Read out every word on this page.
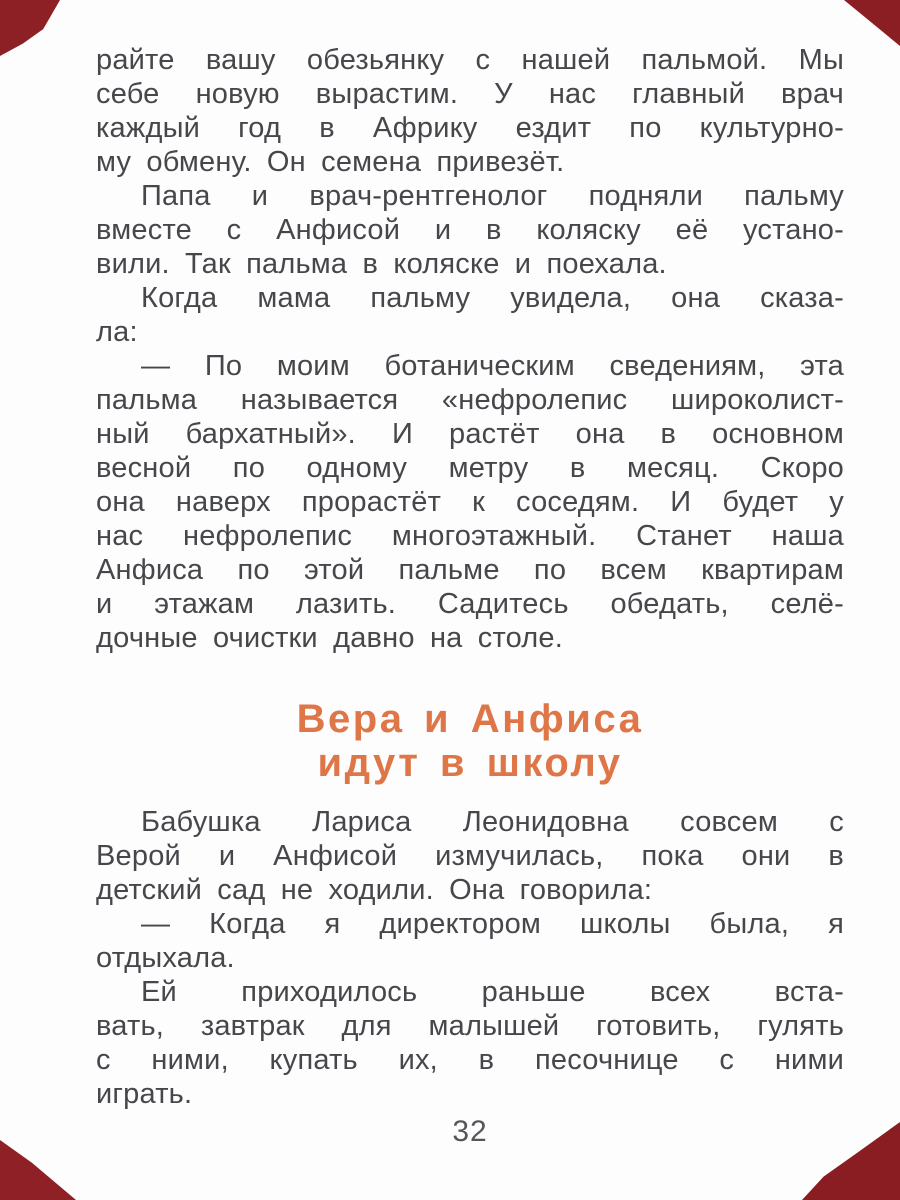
райте вашу обезьянку с нашей пальмой. Мы
себе новую вырастим. У нас главный врач
каждый год в Африку ездит по культурно-
му обмену. Он семена привезёт.
Папа и врач-рентгенолог подняли пальму
вместе с Анфисой и в коляску её устано-
вили. Так пальма в коляске и поехала.
Когда мама пальму увидела, она сказа-
ла:
— По моим ботаническим сведениям, эта
пальма называется «нефролепис широколист-
ный бархатный». И растёт она в основном
весной по одному метру в месяц. Скоро
она наверх прорастёт к соседям. И будет у
нас нефролепис многоэтажный. Станет наша
Анфиса по этой пальме по всем квартирам
и этажам лазить. Садитесь обедать, селё-
дочные очистки давно на столе.
Вера и Анфиса
идут в школу
Бабушка Лариса Леонидовна совсем с
Верой и Анфисой измучилась, пока они в
детский сад не ходили. Она говорила:
— Когда я директором школы была, я
отдыхала.
Ей приходилось раньше всех вста-
вать, завтрак для малышей готовить, гулять
с ними, купать их, в песочнице с ними
играть.
32
